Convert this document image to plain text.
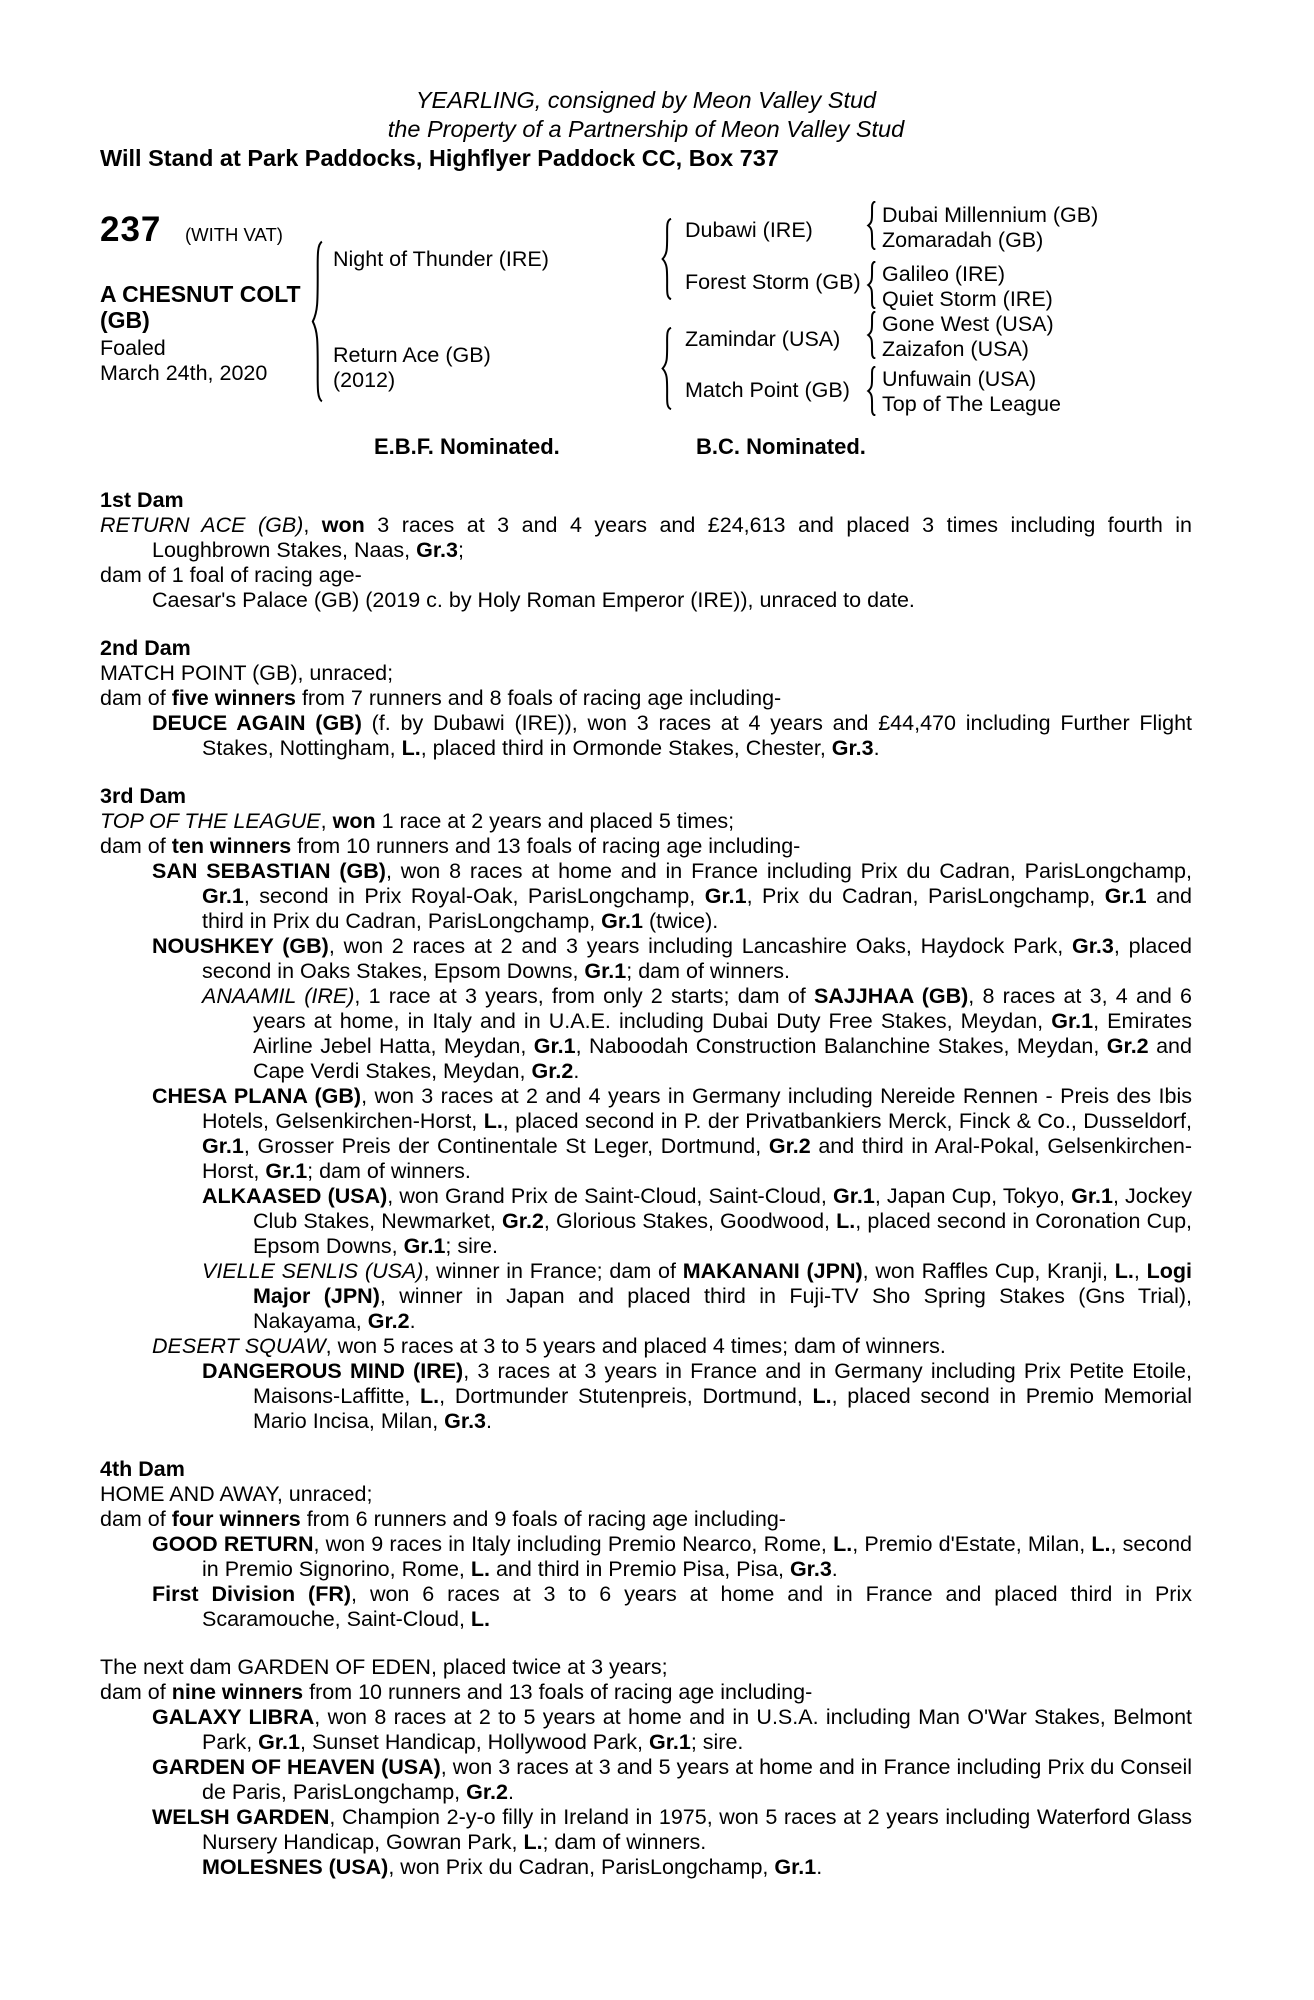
YEARLING, consigned by Meon Valley Stud
the Property of a Partnership of Meon Valley Stud
Will Stand at Park Paddocks, Highflyer Paddock CC, Box 737
237 (WITH VAT)
A CHESNUT COLT
(GB)
Foaled
March 24th, 2020
Night of Thunder (IRE)
Return Ace (GB)
(2012)
Dubawi (IRE)
Forest Storm (GB)
Zamindar (USA)
Match Point (GB)
Dubai Millennium (GB)
Zomaradah (GB)
Galileo (IRE)
Quiet Storm (IRE)
Gone West (USA)
Zaizafon (USA)
Unfuwain (USA)
Top of The League
E.B.F. Nominated.	B.C. Nominated.

1st Dam

RETURN ACE (GB), won 3 races at 3 and 4 years and £24,613 and placed 3 times including fourth in Loughbrown Stakes, Naas, Gr.3;

dam of 1 foal of racing age-

Caesar's Palace (GB) (2019 c. by Holy Roman Emperor (IRE)), unraced to date.

2nd Dam

MATCH POINT (GB), unraced;

dam of five winners from 7 runners and 8 foals of racing age including-

DEUCE AGAIN (GB) (f. by Dubawi (IRE)), won 3 races at 4 years and £44,470 including Further Flight Stakes, Nottingham, L., placed third in Ormonde Stakes, Chester, Gr.3.

3rd Dam

TOP OF THE LEAGUE, won 1 race at 2 years and placed 5 times;

dam of ten winners from 10 runners and 13 foals of racing age including-

SAN SEBASTIAN (GB), won 8 races at home and in France including Prix du Cadran, ParisLongchamp, Gr.1, second in Prix Royal-Oak, ParisLongchamp, Gr.1, Prix du Cadran, ParisLongchamp, Gr.1 and third in Prix du Cadran, ParisLongchamp, Gr.1 (twice).

NOUSHKEY (GB), won 2 races at 2 and 3 years including Lancashire Oaks, Haydock Park, Gr.3, placed second in Oaks Stakes, Epsom Downs, Gr.1; dam of winners.

ANAAMIL (IRE), 1 race at 3 years, from only 2 starts; dam of SAJJHAA (GB), 8 races at 3, 4 and 6 years at home, in Italy and in U.A.E. including Dubai Duty Free Stakes, Meydan, Gr.1, Emirates Airline Jebel Hatta, Meydan, Gr.1, Naboodah Construction Balanchine Stakes, Meydan, Gr.2 and Cape Verdi Stakes, Meydan, Gr.2.

CHESA PLANA (GB), won 3 races at 2 and 4 years in Germany including Nereide Rennen - Preis des Ibis Hotels, Gelsenkirchen-Horst, L., placed second in P. der Privatbankiers Merck, Finck & Co., Dusseldorf, Gr.1, Grosser Preis der Continentale St Leger, Dortmund, Gr.2 and third in Aral-Pokal, Gelsenkirchen-Horst, Gr.1; dam of winners.

ALKAASED (USA), won Grand Prix de Saint-Cloud, Saint-Cloud, Gr.1, Japan Cup, Tokyo, Gr.1, Jockey Club Stakes, Newmarket, Gr.2, Glorious Stakes, Goodwood, L., placed second in Coronation Cup, Epsom Downs, Gr.1; sire.

VIELLE SENLIS (USA), winner in France; dam of MAKANANI (JPN), won Raffles Cup, Kranji, L., Logi Major (JPN), winner in Japan and placed third in Fuji-TV Sho Spring Stakes (Gns Trial), Nakayama, Gr.2.

DESERT SQUAW, won 5 races at 3 to 5 years and placed 4 times; dam of winners.

DANGEROUS MIND (IRE), 3 races at 3 years in France and in Germany including Prix Petite Etoile, Maisons-Laffitte, L., Dortmunder Stutenpreis, Dortmund, L., placed second in Premio Memorial Mario Incisa, Milan, Gr.3.

4th Dam

HOME AND AWAY, unraced;

dam of four winners from 6 runners and 9 foals of racing age including-

GOOD RETURN, won 9 races in Italy including Premio Nearco, Rome, L., Premio d'Estate, Milan, L., second in Premio Signorino, Rome, L. and third in Premio Pisa, Pisa, Gr.3.

First Division (FR), won 6 races at 3 to 6 years at home and in France and placed third in Prix Scaramouche, Saint-Cloud, L.

The next dam GARDEN OF EDEN, placed twice at 3 years;

dam of nine winners from 10 runners and 13 foals of racing age including-

GALAXY LIBRA, won 8 races at 2 to 5 years at home and in U.S.A. including Man O'War Stakes, Belmont Park, Gr.1, Sunset Handicap, Hollywood Park, Gr.1; sire.

GARDEN OF HEAVEN (USA), won 3 races at 3 and 5 years at home and in France including Prix du Conseil de Paris, ParisLongchamp, Gr.2.

WELSH GARDEN, Champion 2-y-o filly in Ireland in 1975, won 5 races at 2 years including Waterford Glass Nursery Handicap, Gowran Park, L.; dam of winners.

MOLESNES (USA), won Prix du Cadran, ParisLongchamp, Gr.1.
